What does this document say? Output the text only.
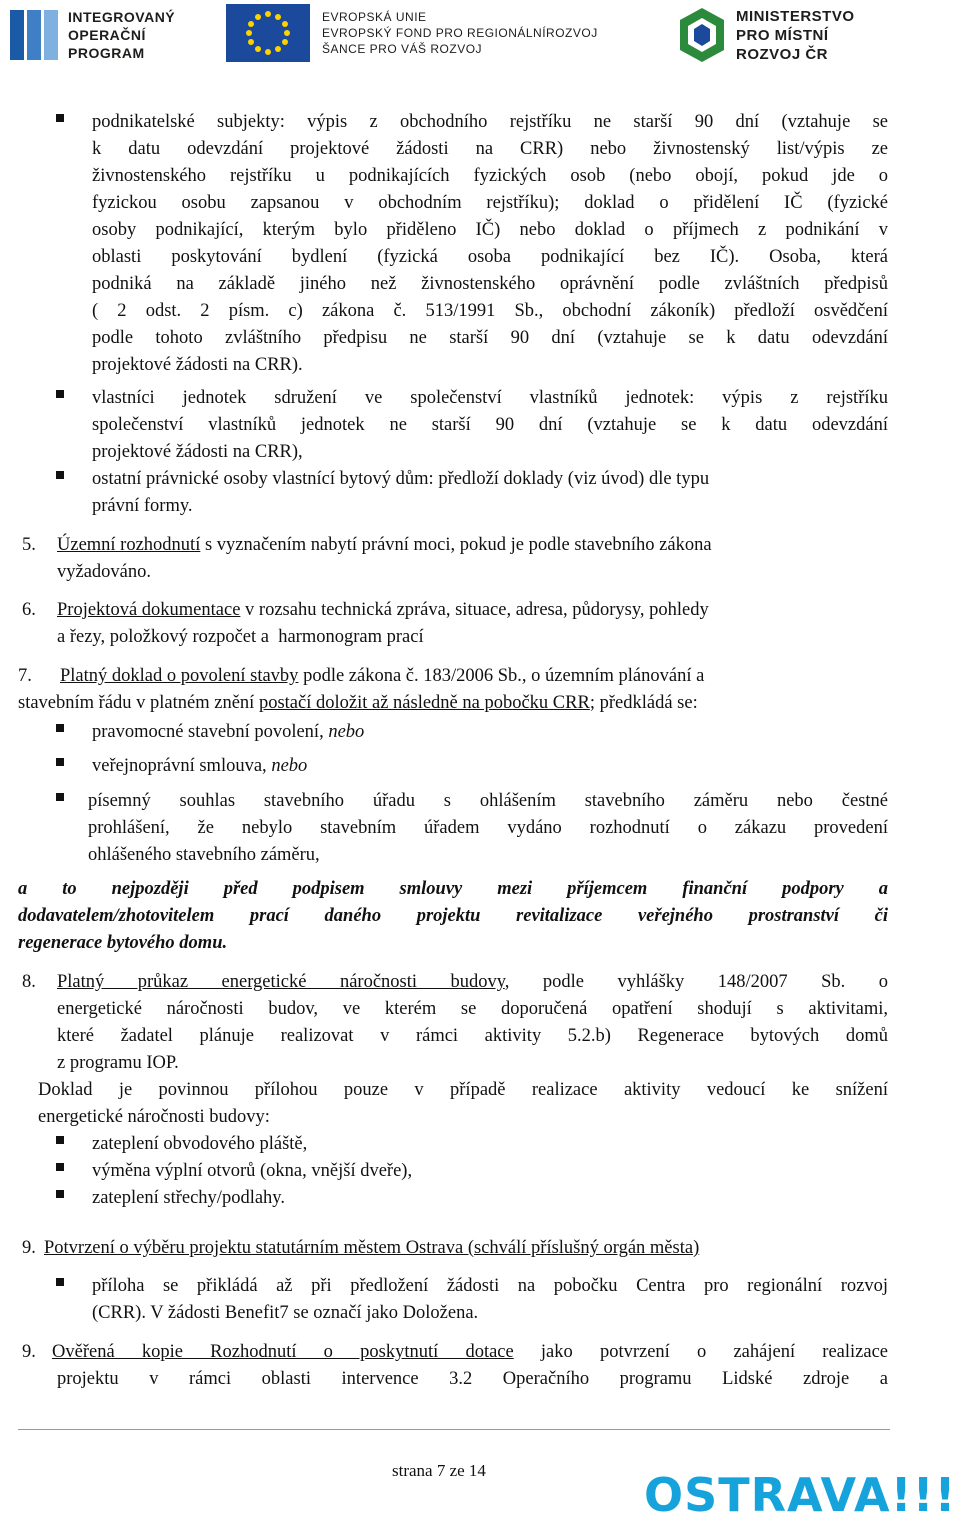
INTEGROVANÝ
OPERAČNÍ
PROGRAM
EVROPSKÁ UNIE
EVROPSKÝ FOND PRO REGIONÁLNÍROZVOJ
ŠANCE PRO VÁŠ ROZVOJ
MINISTERSTVO
PRO MÍSTNÍ
ROZVOJ ČR
podnikatelské subjekty: výpis z obchodního rejstříku ne starší 90 dní (vztahuje se
k datu odevzdání projektové žádosti na CRR) nebo živnostenský list/výpis ze
živnostenského rejstříku u podnikajících fyzických osob (nebo obojí, pokud jde o
fyzickou osobu zapsanou v obchodním rejstříku); doklad o přidělení IČ (fyzické
osoby podnikající, kterým bylo přiděleno IČ) nebo doklad o příjmech z podnikání v
oblasti poskytování bydlení (fyzická osoba podnikající bez IČ). Osoba, která
podniká na základě jiného než živnostenského oprávnění podle zvláštních předpisů
( 2 odst. 2 písm. c) zákona č. 513/1991 Sb., obchodní zákoník) předloží osvědčení
podle tohoto zvláštního předpisu ne starší 90 dní (vztahuje se k datu odevzdání
projektové žádosti na CRR).
vlastníci jednotek sdružení ve společenství vlastníků jednotek: výpis z rejstříku
společenství vlastníků jednotek ne starší 90 dní (vztahuje se k datu odevzdání
projektové žádosti na CRR),
ostatní právnické osoby vlastnící bytový dům: předloží doklady (viz úvod) dle typu
právní formy.
5. Územní rozhodnutí s vyznačením nabytí právní moci, pokud je podle stavebního zákona
vyžadováno.
6. Projektová dokumentace v rozsahu technická zpráva, situace, adresa, půdorysy, pohledy
a řezy, položkový rozpočet a  harmonogram prací
7. Platný doklad o povolení stavby podle zákona č. 183/2006 Sb., o územním plánování a
stavebním řádu v platném znění postačí doložit až následně na pobočku CRR; předkládá se:
pravomocné stavební povolení, nebo
veřejnoprávní smlouva, nebo
písemný souhlas stavebního úřadu s ohlášením stavebního záměru nebo čestné
prohlášení, že nebylo stavebním úřadem vydáno rozhodnutí o zákazu provedení
ohlášeného stavebního záměru,
a to nejpozději před podpisem smlouvy mezi příjemcem finanční podpory a
dodavatelem/zhotovitelem prací daného projektu revitalizace veřejného prostranství či
regenerace bytového domu.
8. Platný průkaz energetické náročnosti budovy, podle vyhlášky 148/2007 Sb. o
energetické náročnosti budov, ve kterém se doporučená opatření shodují s aktivitami,
které žadatel plánuje realizovat v rámci aktivity 5.2.b) Regenerace bytových domů
z programu IOP.
Doklad je povinnou přílohou pouze v případě realizace aktivity vedoucí ke snížení
energetické náročnosti budovy:
zateplení obvodového pláště,
výměna výplní otvorů (okna, vnější dveře),
zateplení střechy/podlahy.
9. Potvrzení o výběru projektu statutárním městem Ostrava (schválí příslušný orgán města)
příloha se přikládá až při předložení žádosti na pobočku Centra pro regionální rozvoj
(CRR). V žádosti Benefit7 se označí jako Doložena.
9. Ověřená kopie Rozhodnutí o poskytnutí dotace jako potvrzení o zahájení realizace
projektu v rámci oblasti intervence 3.2 Operačního programu Lidské zdroje a
strana 7 ze 14	OSTRAVA!!!
